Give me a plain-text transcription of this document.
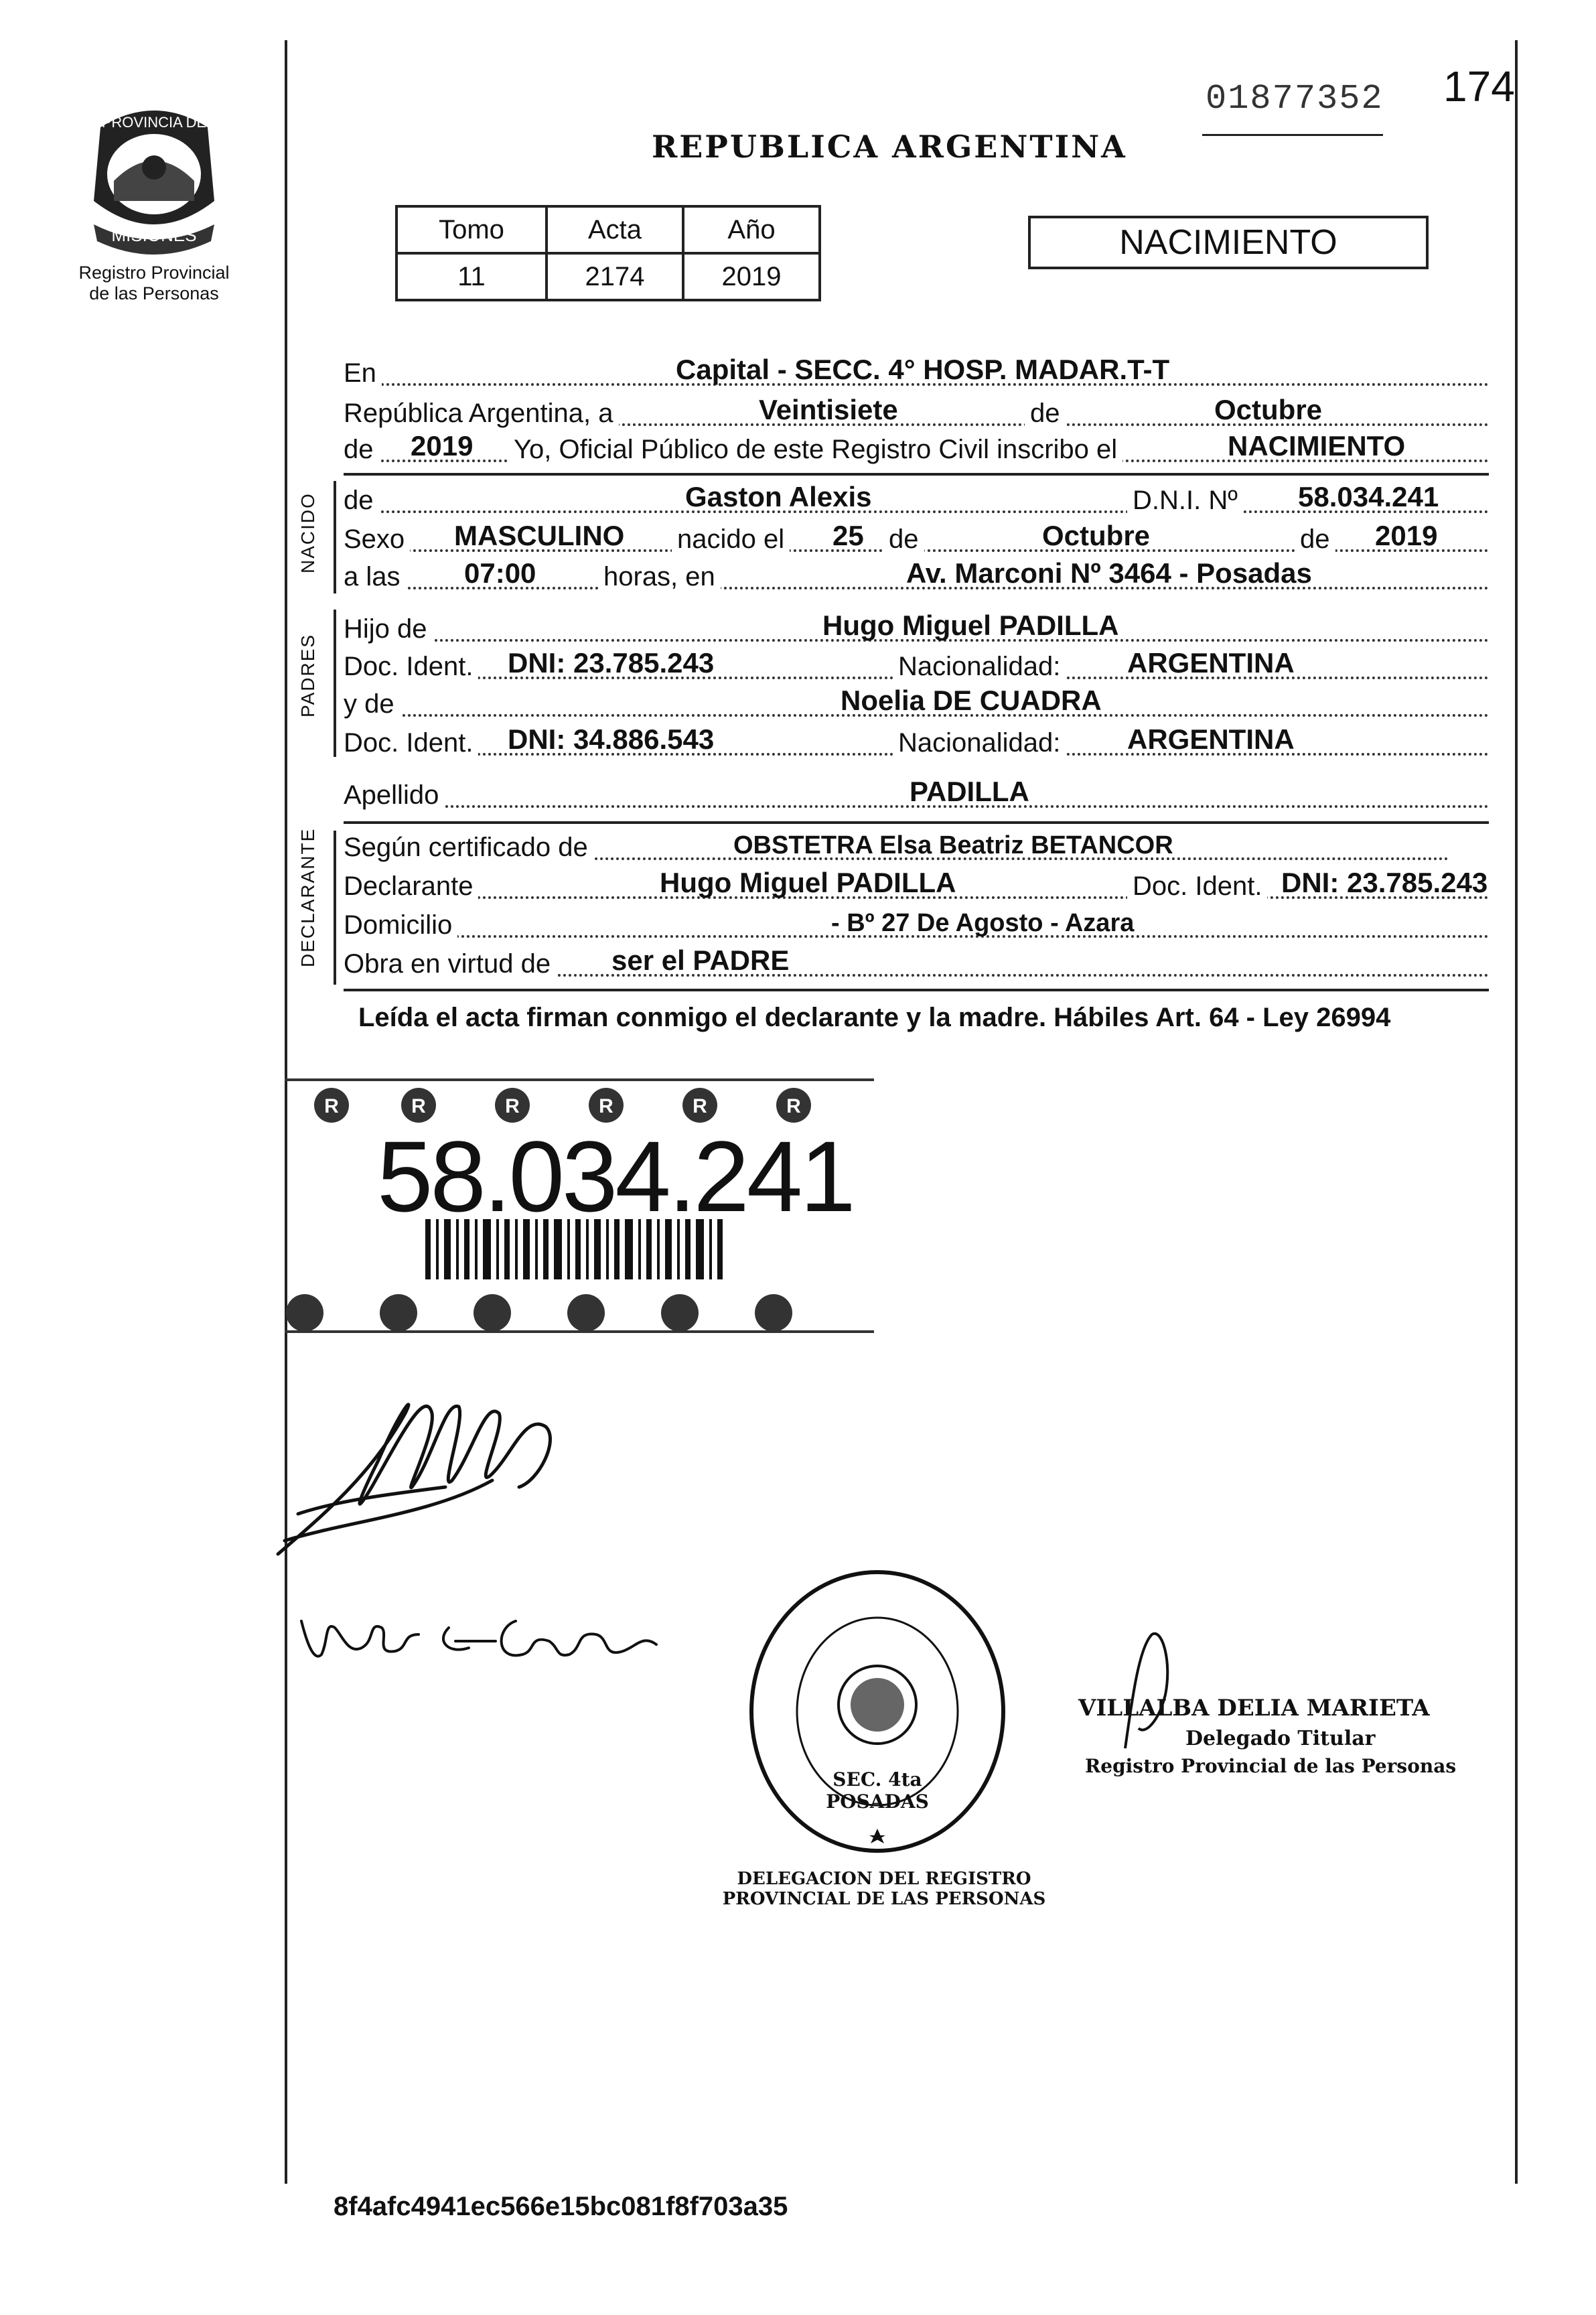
PROVINCIA DE
MISIONES
Registro Provincial
de las Personas
01877352 174
REPUBLICA ARGENTINA
Tomo	Acta	Año
11	2174	2019
NACIMIENTO
En	Capital - SECC. 4° HOSP. MADAR.T-T
República Argentina, a	Veintisiete	de	Octubre
de 2019 Yo, Oficial Público de este Registro Civil inscribo el	NACIMIENTO
NACIDO de	Gaston Alexis	D.N.I. Nº 58.034.241
Sexo MASCULINO nacido el 25 de	Octubre	de 2019
a las 07:00	horas, en	Av. Marconi Nº 3464 - Posadas
PADRES
Hijo de	Hugo Miguel PADILLA
Doc. Ident. DNI: 23.785.243	Nacionalidad: ARGENTINA
y de	Noelia DE CUADRA
Doc. Ident. DNI: 34.886.543	Nacionalidad: ARGENTINA
Apellido	PADILLA
DECLARANTE Según certificado de	OBSTETRA Elsa Beatriz BETANCOR
Declarante	Hugo Miguel PADILLA	Doc. Ident. DNI: 23.785.243
Domicilio	- Bº 27 De Agosto - Azara
Obra en virtud de ser el PADRE
Leída el acta firman conmigo el declarante y la madre. Hábiles Art. 64 - Ley 26994
R	R	R	R	R	R
58.034.241
DELEGACION DEL REGISTRO PROVINCIAL DE LAS PERSONAS
SEC. 4ta POSADAS
VILLALBA DELIA MARIETA
Delegado Titular
Registro Provincial de las Personas
8f4afc4941ec566e15bc081f8f703a35
